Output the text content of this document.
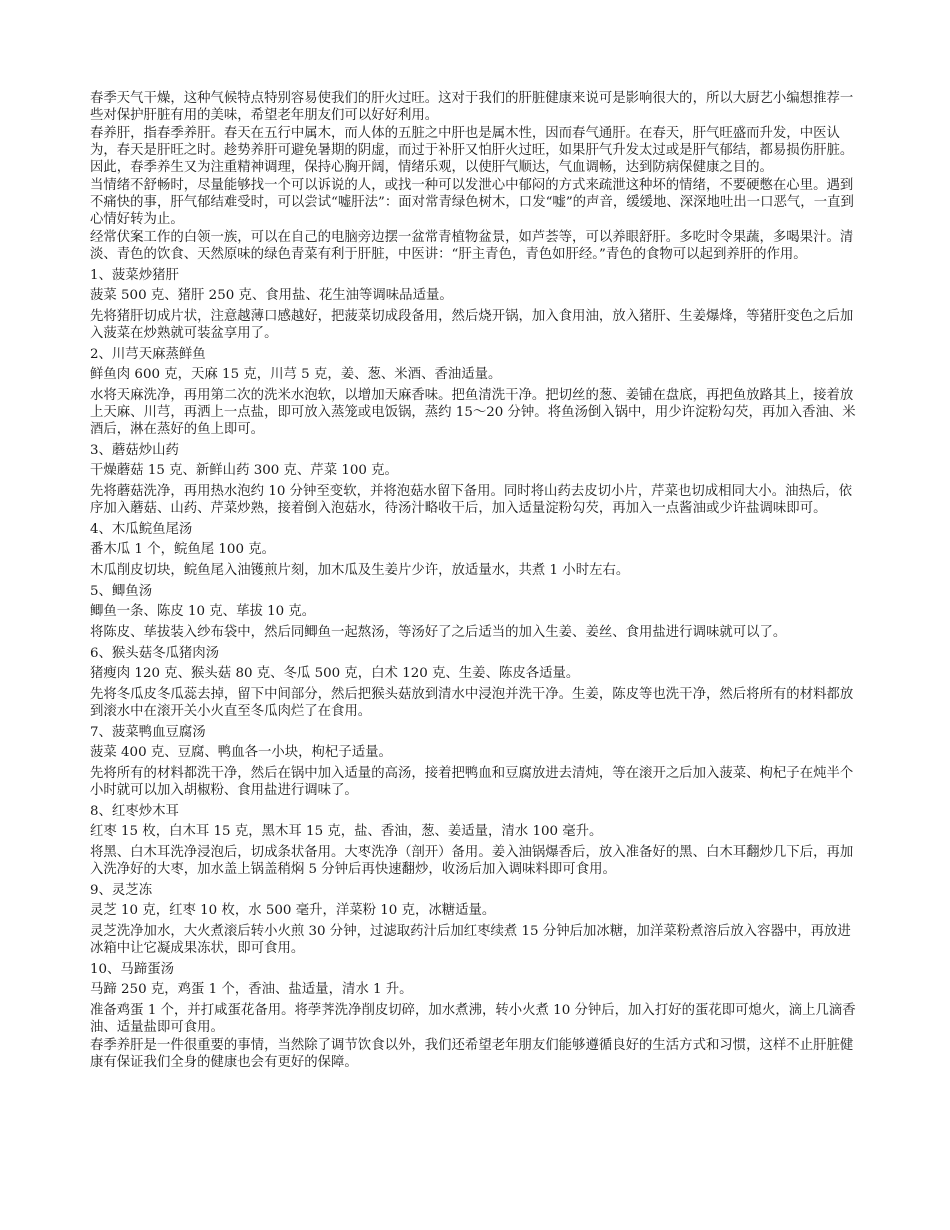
春季天气干燥，这种气候特点特别容易使我们的肝火过旺。这对于我们的肝脏健康来说可是影响很大的，所以大厨艺小编想推荐一些对保护肝脏有用的美味，希望老年朋友们可以好好利用。

春养肝，指春季养肝。春天在五行中属木，而人体的五脏之中肝也是属木性，因而春气通肝。在春天，肝气旺盛而升发，中医认为，春天是肝旺之时。趁势养肝可避免暑期的阴虚，而过于补肝又怕肝火过旺，如果肝气升发太过或是肝气郁结，都易损伤肝脏。因此，春季养生又为注重精神调理，保持心胸开阔，情绪乐观，以使肝气顺达，气血调畅，达到防病保健康之目的。

当情绪不舒畅时，尽量能够找一个可以诉说的人，或找一种可以发泄心中郁闷的方式来疏泄这种坏的情绪，不要硬憋在心里。遇到不痛快的事，肝气郁结难受时，可以尝试“嘘肝法”：面对常青绿色树木，口发“嘘”的声音，缓缓地、深深地吐出一口恶气，一直到心情好转为止。

经常伏案工作的白领一族，可以在自己的电脑旁边摆一盆常青植物盆景，如芦荟等，可以养眼舒肝。多吃时令果蔬，多喝果汁。清淡、青色的饮食、天然原味的绿色青菜有利于肝脏，中医讲：“肝主青色，青色如肝经。”青色的食物可以起到养肝的作用。

1、菠菜炒猪肝

菠菜 500 克、猪肝 250 克、食用盐、花生油等调味品适量。

先将猪肝切成片状，注意越薄口感越好，把菠菜切成段备用，然后烧开锅，加入食用油，放入猪肝、生姜爆烽，等猪肝变色之后加入菠菜在炒熟就可装盆享用了。

2、川芎天麻蒸鲜鱼

鲜鱼肉 600 克，天麻 15 克，川芎 5 克，姜、葱、米酒、香油适量。

水将天麻洗净，再用第二次的洗米水泡软，以增加天麻香味。把鱼清洗干净。把切丝的葱、姜铺在盘底，再把鱼放路其上，接着放上天麻、川芎，再洒上一点盐，即可放入蒸笼或电饭锅，蒸约 15～20 分钟。将鱼汤倒入锅中，用少许淀粉勾芡，再加入香油、米酒后，淋在蒸好的鱼上即可。

3、蘑菇炒山药

干燥蘑菇 15 克、新鲜山药 300 克、芹菜 100 克。

先将蘑菇洗净，再用热水泡约 10 分钟至变软，并将泡菇水留下备用。同时将山药去皮切小片，芹菜也切成相同大小。油热后，依序加入蘑菇、山药、芹菜炒熟，接着倒入泡菇水，待汤汁略收干后，加入适量淀粉勾芡，再加入一点酱油或少许盐调味即可。

4、木瓜鲩鱼尾汤

番木瓜 1 个，鲩鱼尾 100 克。

木瓜削皮切块，鲩鱼尾入油镬煎片刻，加木瓜及生姜片少许，放适量水，共煮 1 小时左右。

5、鲫鱼汤

鲫鱼一条、陈皮 10 克、荜拔 10 克。

将陈皮、荜拔装入纱布袋中，然后同鲫鱼一起熬汤，等汤好了之后适当的加入生姜、姜丝、食用盐进行调味就可以了。

6、猴头菇冬瓜猪肉汤

猪瘦肉 120 克、猴头菇 80 克、冬瓜 500 克，白术 120 克、生姜、陈皮各适量。

先将冬瓜皮冬瓜蕊去掉，留下中间部分，然后把猴头菇放到清水中浸泡并洗干净。生姜，陈皮等也洗干净，然后将所有的材料都放到滚水中在滚开关小火直至冬瓜肉烂了在食用。

7、菠菜鸭血豆腐汤

菠菜 400 克、豆腐、鸭血各一小块，枸杞子适量。

先将所有的材料都洗干净，然后在锅中加入适量的高汤，接着把鸭血和豆腐放进去清炖，等在滚开之后加入菠菜、枸杞子在炖半个小时就可以加入胡椒粉、食用盐进行调味了。

8、红枣炒木耳

红枣 15 枚，白木耳 15 克，黑木耳 15 克，盐、香油，葱、姜适量，清水 100 毫升。

将黑、白木耳洗净浸泡后，切成条状备用。大枣洗净（剖开）备用。姜入油锅爆香后，放入准备好的黑、白木耳翻炒几下后，再加入洗净好的大枣，加水盖上锅盖稍焖 5 分钟后再快速翻炒，收汤后加入调味料即可食用。

9、灵芝冻

灵芝 10 克，红枣 10 枚，水 500 毫升，洋菜粉 10 克，冰糖适量。

灵芝洗净加水，大火煮滚后转小火煎 30 分钟，过滤取药汁后加红枣续煮 15 分钟后加冰糖，加洋菜粉煮溶后放入容器中，再放进冰箱中让它凝成果冻状，即可食用。

10、马蹄蛋汤

马蹄 250 克，鸡蛋 1 个，香油、盐适量，清水 1 升。

准备鸡蛋 1 个，并打咸蛋花备用。将荸荠洗净削皮切碎，加水煮沸，转小火煮 10 分钟后，加入打好的蛋花即可熄火，滴上几滴香油、适量盐即可食用。

春季养肝是一件很重要的事情，当然除了调节饮食以外，我们还希望老年朋友们能够遵循良好的生活方式和习惯，这样不止肝脏健康有保证我们全身的健康也会有更好的保障。
